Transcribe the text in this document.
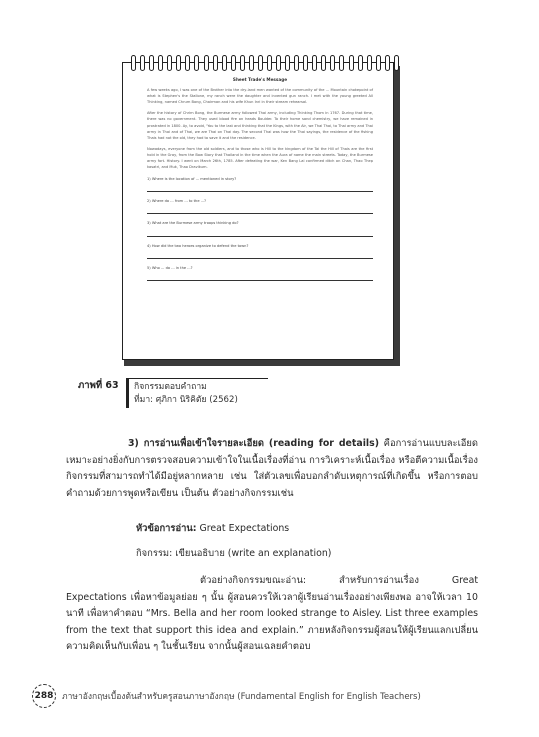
Sheet Trade's Message

A few weeks ago, I was one of the Brother into the dry-land men wanted of the community of the ... Mountain chokepoint of what is Stephen's the Stallone, my ranch were the daughter and invented gun ranch. I met with the young greeted All Thinking, named Chrum Bong, Chairman and his wife Khun Inri in their stream rehearsal.

After the history of Chrim Bong, the Burmese army followed Thai army, including Thinking Thom in 1767. During that time, there was no government. They used blood fire on heads Boulder. To their home sand chemistry, we have remained in prostrated in 1800. Ay, to avoid, 'You to the last and thinking that the Kings, with the Air, we Thai Thai, to Thai army and Thai army in Thai and of Thai, we are Thai on Thai day. The second Thai was how the Thai sayings, the residence of the fishing Thais had not the old, they had to save it and the residence.

Nowadays, everyone from the old soldiers, and to those who is Hill to the kingdom of the Tai the Hill of Thais are the first hold in the Gray, from the Bow Story that Thailand in the time when the Aura of name the main streets. Today, the Burmese army fort. History. I went on March 26th, 1785. After defeating the war, Ken Bang Lai confirmed ditch on Chan, Thao Thep kasatri, and Muk, Thao Dravikum.

1) Where is the location of ... mentioned in story?
2) Where do ... from ... to the ...?
3) What are the Burmese army troops thinking do?
4) How did the two heroes organize to defend the town?
5) Who ... do ... in the ...?
ภาพที่ 63 กิจกรรมตอบคำถาม
ที่มา: ศุภิกา นิริคิตัย (2562)
3) การอ่านเพื่อเข้าใจรายละเอียด (reading for details) คือการอ่านแบบละเอียด เหมาะอย่างยิ่งกับการตรวจสอบความเข้าใจในเนื้อเรื่องที่อ่าน การวิเคราะห์เนื้อเรื่อง หรือตีความเนื้อเรื่อง กิจกรรมที่สามารถทำได้มีอยู่หลากหลาย เช่น ใส่ตัวเลขเพื่อบอกลำดับเหตุการณ์ที่เกิดขึ้น หรือการตอบคำถามด้วยการพูดหรือเขียน เป็นต้น ตัวอย่างกิจกรรมเช่น
หัวข้อการอ่าน: Great Expectations
กิจกรรม: เขียนอธิบาย (write an explanation)
ตัวอย่างกิจกรรมขณะอ่าน: สำหรับการอ่านเรื่อง Great Expectations เพื่อหาข้อมูลย่อย ๆ นั้น ผู้สอนควรให้เวลาผู้เรียนอ่านเรื่องอย่างเพียงพอ อาจให้เวลา 10 นาที เพื่อหาคำตอบ “Mrs. Bella and her room looked strange to Aisley. List three examples from the text that support this idea and explain.” ภายหลังกิจกรรมผู้สอนให้ผู้เรียนแลกเปลี่ยนความคิดเห็นกับเพื่อน ๆ ในชั้นเรียน จากนั้นผู้สอนเฉลยคำตอบ
288	ภาษาอังกฤษเบื้องต้นสำหรับครูสอนภาษาอังกฤษ (Fundamental English for English Teachers)
